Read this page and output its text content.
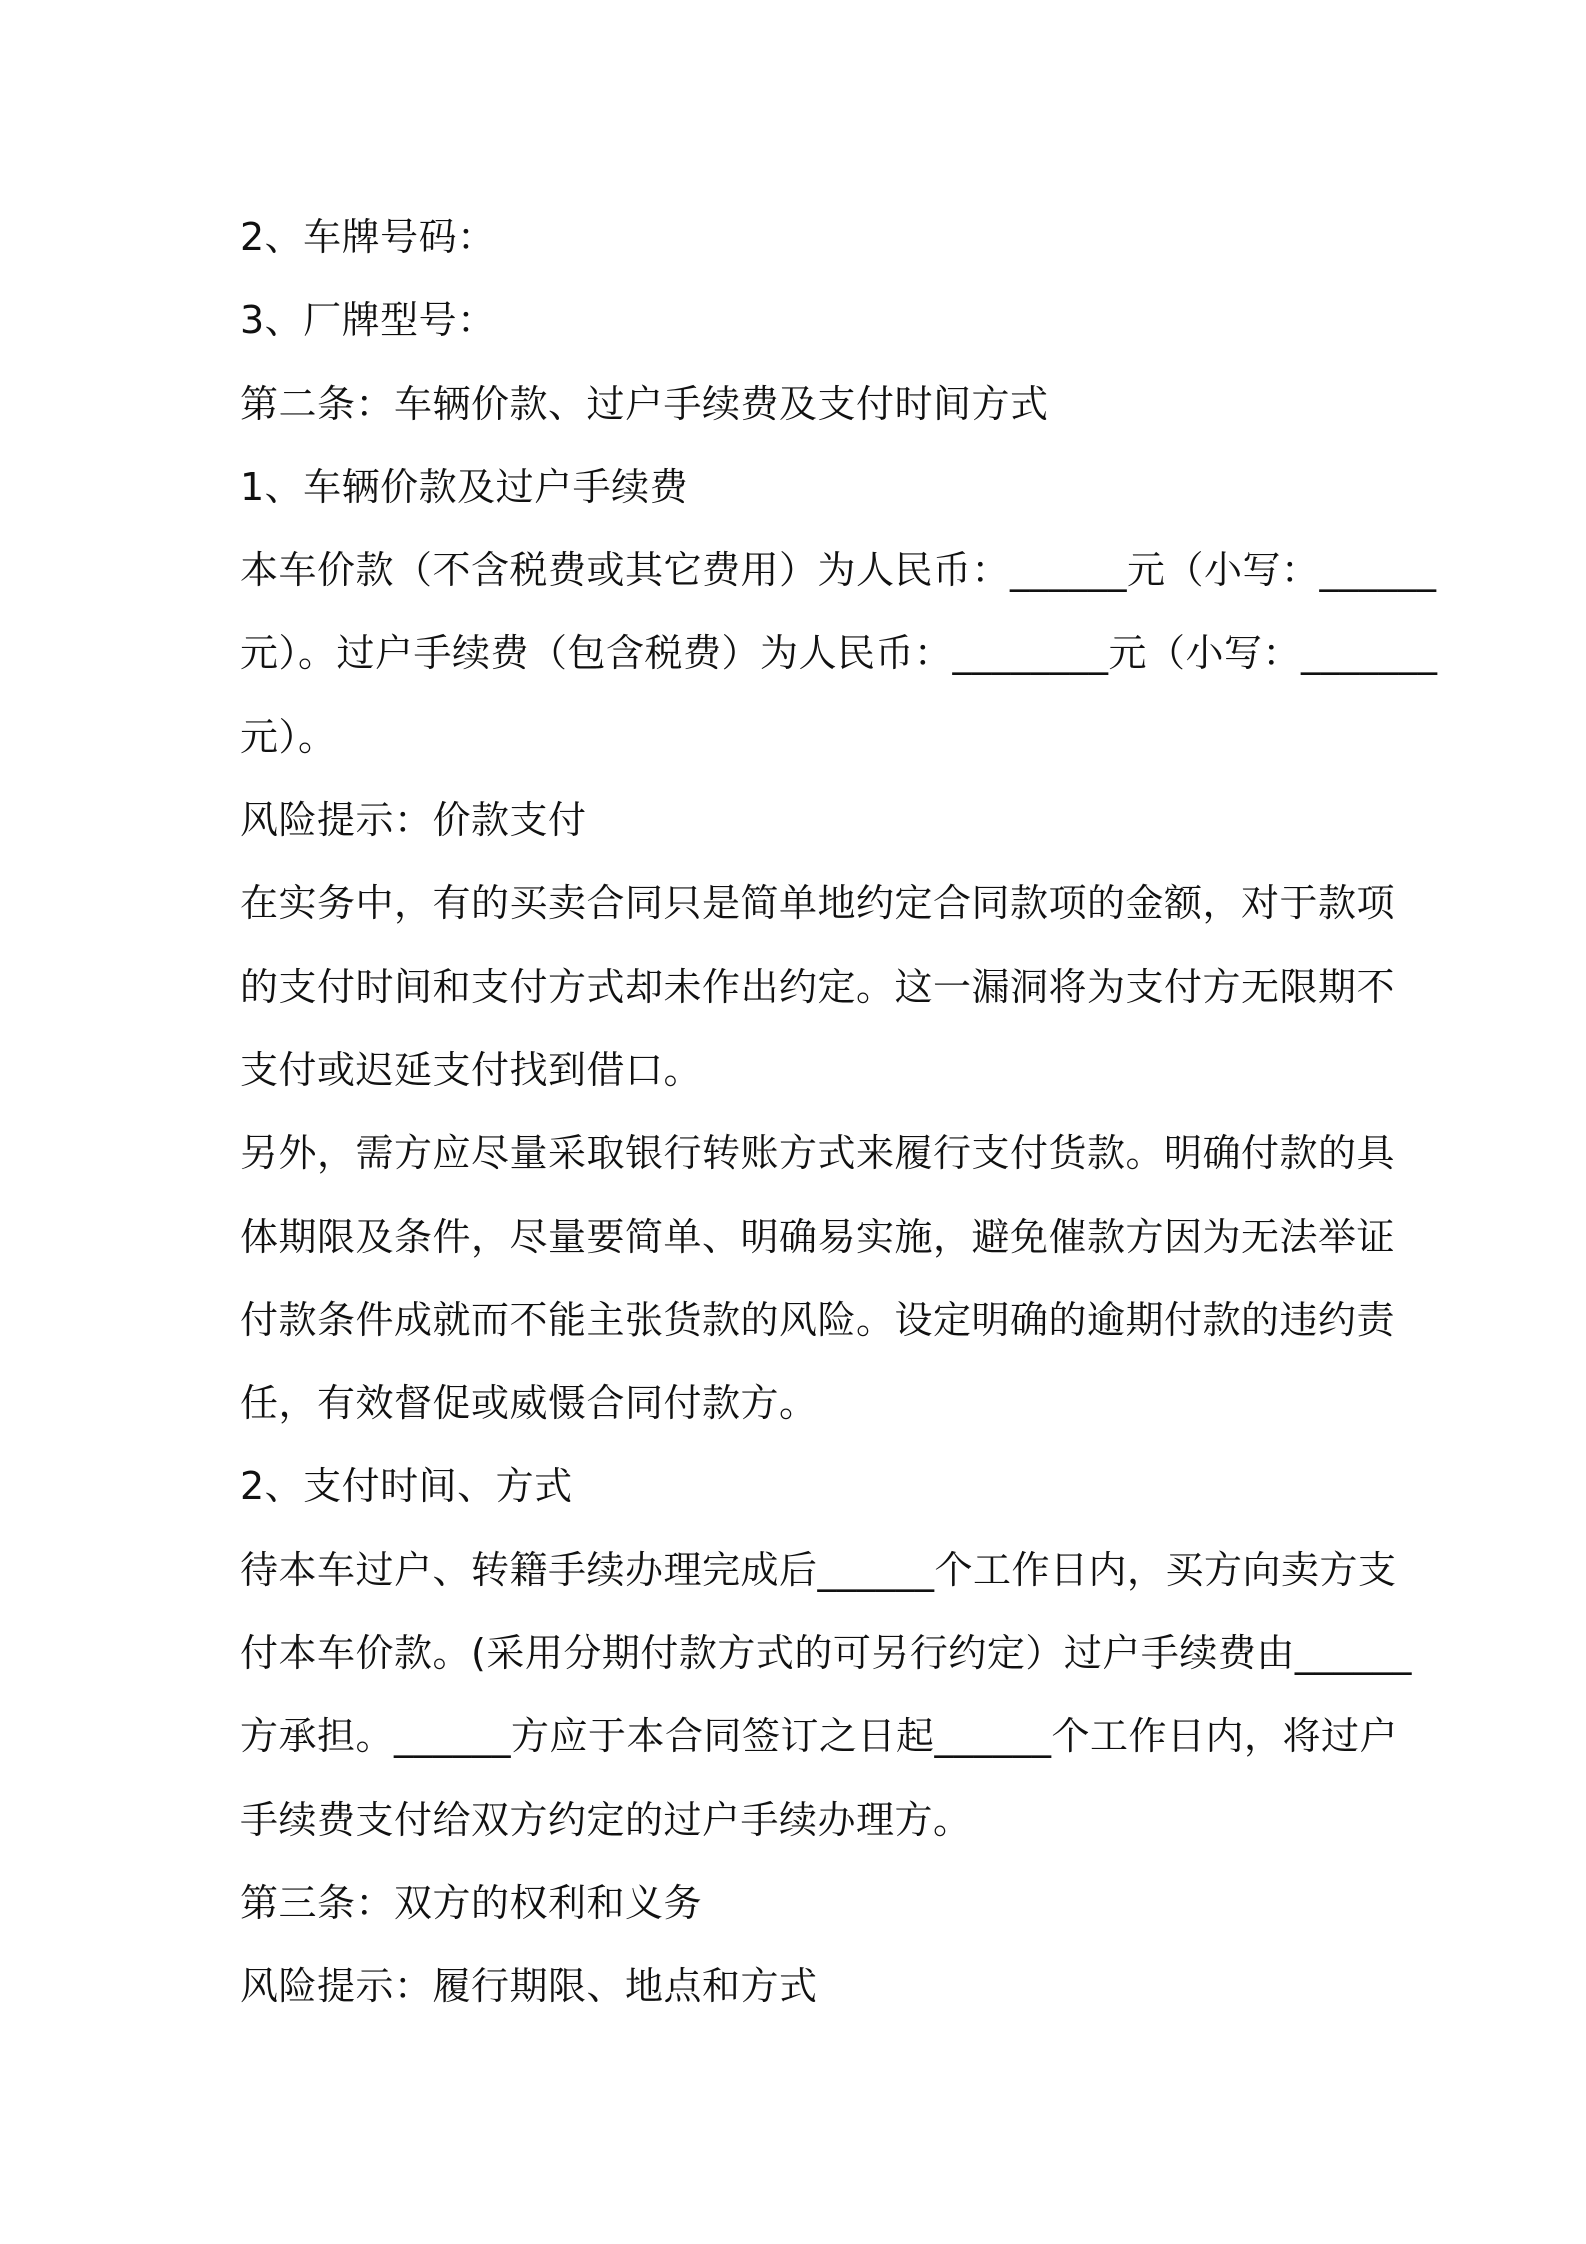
2、车牌号码：
3、厂牌型号：
第二条：车辆价款、过户手续费及支付时间方式
1、车辆价款及过户手续费
本车价款（不含税费或其它费用）为人民币：______元（小写：______
元）。过户手续费（包含税费）为人民币：________元（小写：_______
元）。
风险提示：价款支付
在实务中，有的买卖合同只是简单地约定合同款项的金额，对于款项
的支付时间和支付方式却未作出约定。这一漏洞将为支付方无限期不
支付或迟延支付找到借口。
另外，需方应尽量采取银行转账方式来履行支付货款。明确付款的具
体期限及条件，尽量要简单、明确易实施，避免催款方因为无法举证
付款条件成就而不能主张货款的风险。设定明确的逾期付款的违约责
任，有效督促或威慑合同付款方。
2、支付时间、方式
待本车过户、转籍手续办理完成后______个工作日内，买方向卖方支
付本车价款。(采用分期付款方式的可另行约定）过户手续费由______
方承担。______方应于本合同签订之日起______个工作日内，将过户
手续费支付给双方约定的过户手续办理方。
第三条：双方的权利和义务
风险提示：履行期限、地点和方式
